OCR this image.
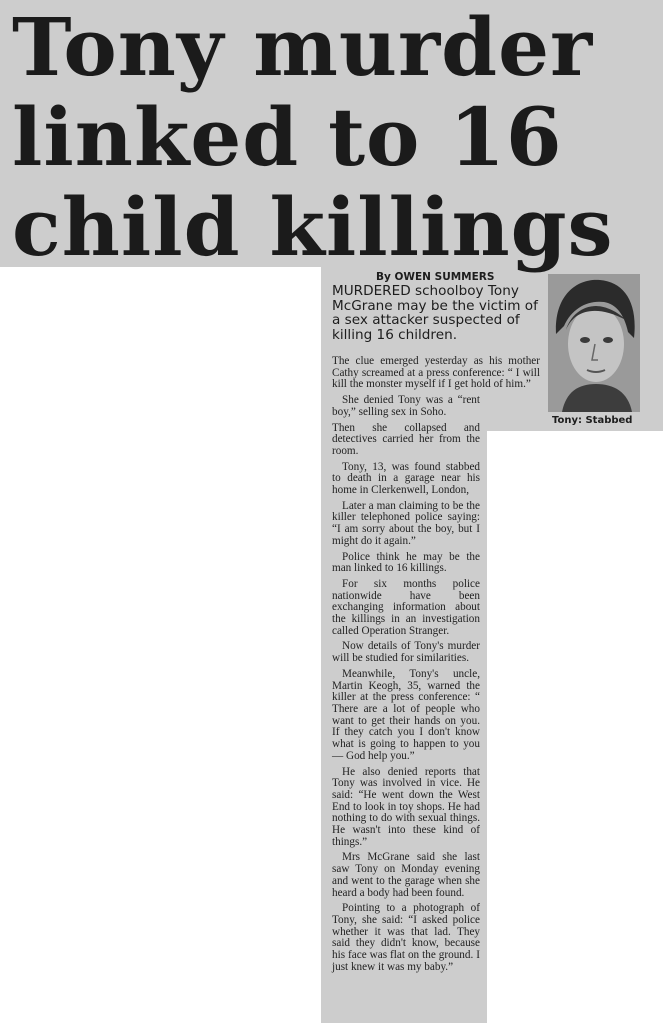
Tony murder
linked to 16
child killings
By OWEN SUMMERS

MURDERED schoolboy Tony McGrane may be the victim of a sex attacker suspected of killing 16 children.

Tony: Stabbed

The clue emerged yesterday as his mother Cathy screamed at a press conference: “ I will kill the monster myself if I get hold of him.”

She denied Tony was a “rent boy,” selling sex in Soho.

Then she collapsed and detectives carried her from the room.

Tony, 13, was found stabbed to death in a garage near his home in Clerkenwell, London,

Later a man claiming to be the killer telephoned police saying: “I am sorry about the boy, but I might do it again.”

Police think he may be the man linked to 16 killings.

For six months police nationwide have been exchanging information about the killings in an investigation called Operation Stranger.

Now details of Tony's murder will be studied for similarities.

Meanwhile, Tony's uncle, Martin Keogh, 35, warned the killer at the press conference: “ There are a lot of people who want to get their hands on you. If they catch you I don't know what is going to happen to you — God help you.”

He also denied reports that Tony was involved in vice. He said: “He went down the West End to look in toy shops. He had nothing to do with sexual things. He wasn't into these kind of things.”

Mrs McGrane said she last saw Tony on Monday evening and went to the garage when she heard a body had been found.

Pointing to a photograph of Tony, she said: “I asked police whether it was that lad. They said they didn't know, because his face was flat on the ground. I just knew it was my baby.”
